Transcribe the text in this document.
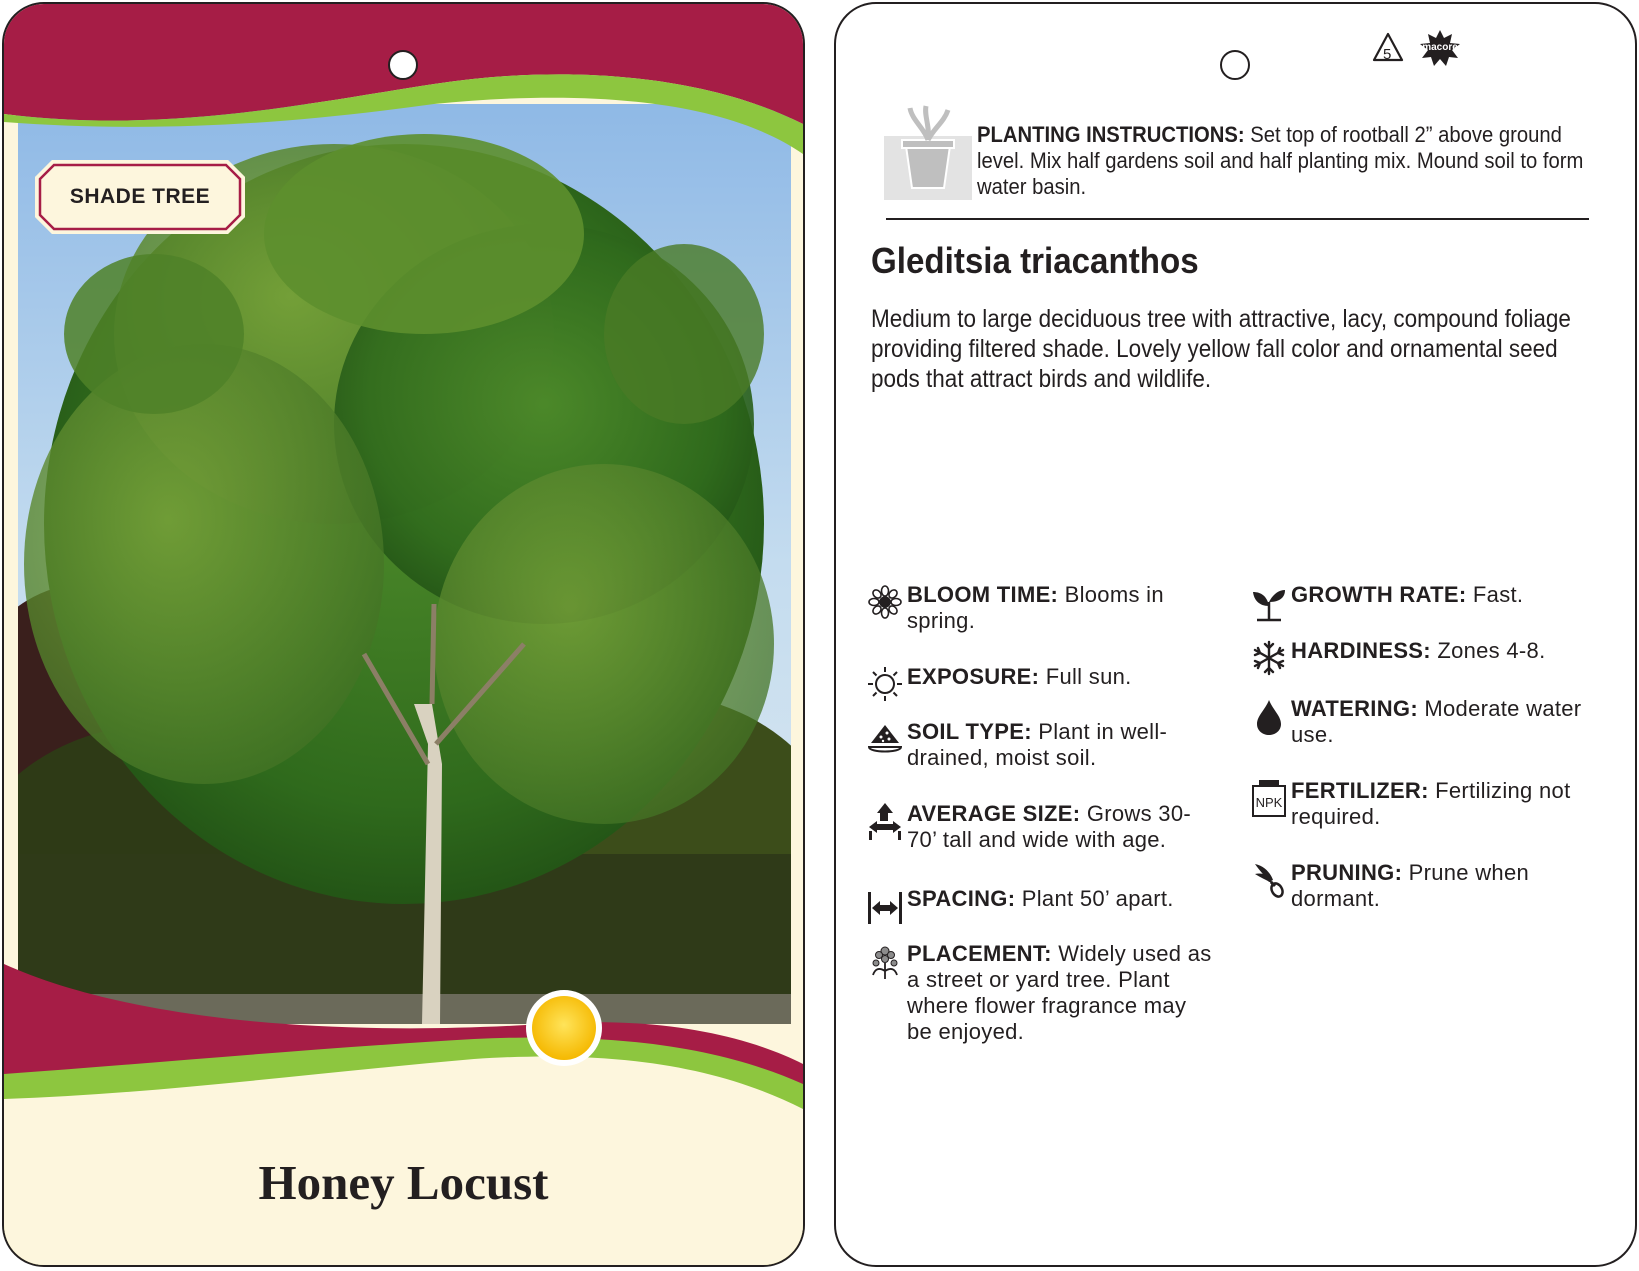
SHADE TREE
Honey Locust
5	macore
PLANTING INSTRUCTIONS: Set top of rootball 2” above ground level. Mix half gardens soil and half planting mix. Mound soil to form water basin.
Gleditsia triacanthos
Medium to large deciduous tree with attractive, lacy, compound foliage providing filtered shade. Lovely yellow fall color and ornamental seed pods that attract birds and wildlife.
BLOOM TIME: Blooms in spring.
EXPOSURE: Full sun.
SOIL TYPE: Plant in well-drained, moist soil.
AVERAGE SIZE: Grows 30-70’ tall and wide with age.
SPACING: Plant 50’ apart.
PLACEMENT: Widely used as a street or yard tree. Plant where flower fragrance may be enjoyed.
GROWTH RATE: Fast.
HARDINESS: Zones 4-8.
WATERING: Moderate water use.
NPK FERTILIZER: Fertilizing not required.
PRUNING: Prune when dormant.
